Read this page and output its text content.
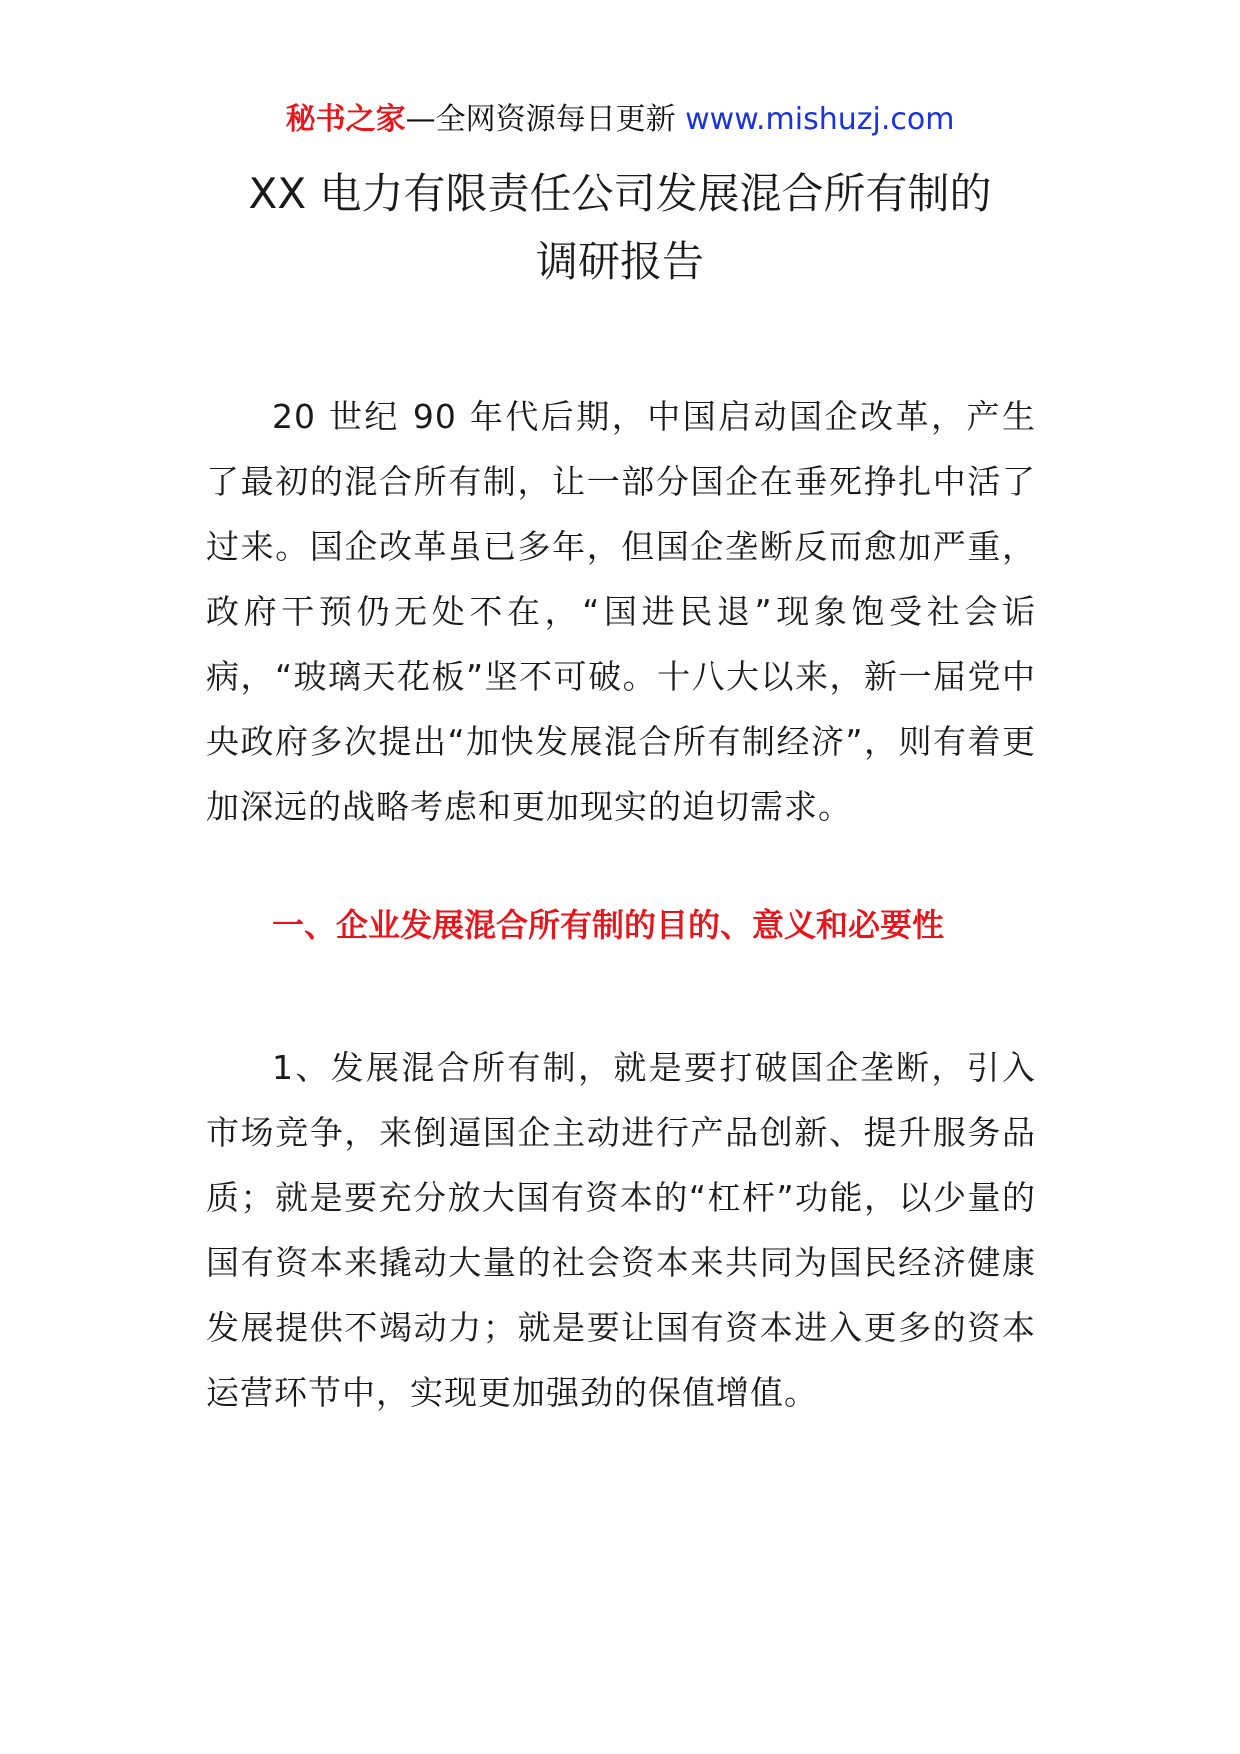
秘书之家—全网资源每日更新 www.mishuzj.com
XX 电力有限责任公司发展混合所有制的
调研报告
20 世纪 90 年代后期，中国启动国企改革，产生了最初的混合所有制，让一部分国企在垂死挣扎中活了过来。国企改革虽已多年，但国企垄断反而愈加严重，政府干预仍无处不在，“国进民退”现象饱受社会诟病，“玻璃天花板”坚不可破。十八大以来，新一届党中央政府多次提出“加快发展混合所有制经济”，则有着更加深远的战略考虑和更加现实的迫切需求。
一、企业发展混合所有制的目的、意义和必要性
1、发展混合所有制，就是要打破国企垄断，引入市场竞争，来倒逼国企主动进行产品创新、提升服务品质；就是要充分放大国有资本的“杠杆”功能，以少量的国有资本来撬动大量的社会资本来共同为国民经济健康发展提供不竭动力；就是要让国有资本进入更多的资本运营环节中，实现更加强劲的保值增值。
